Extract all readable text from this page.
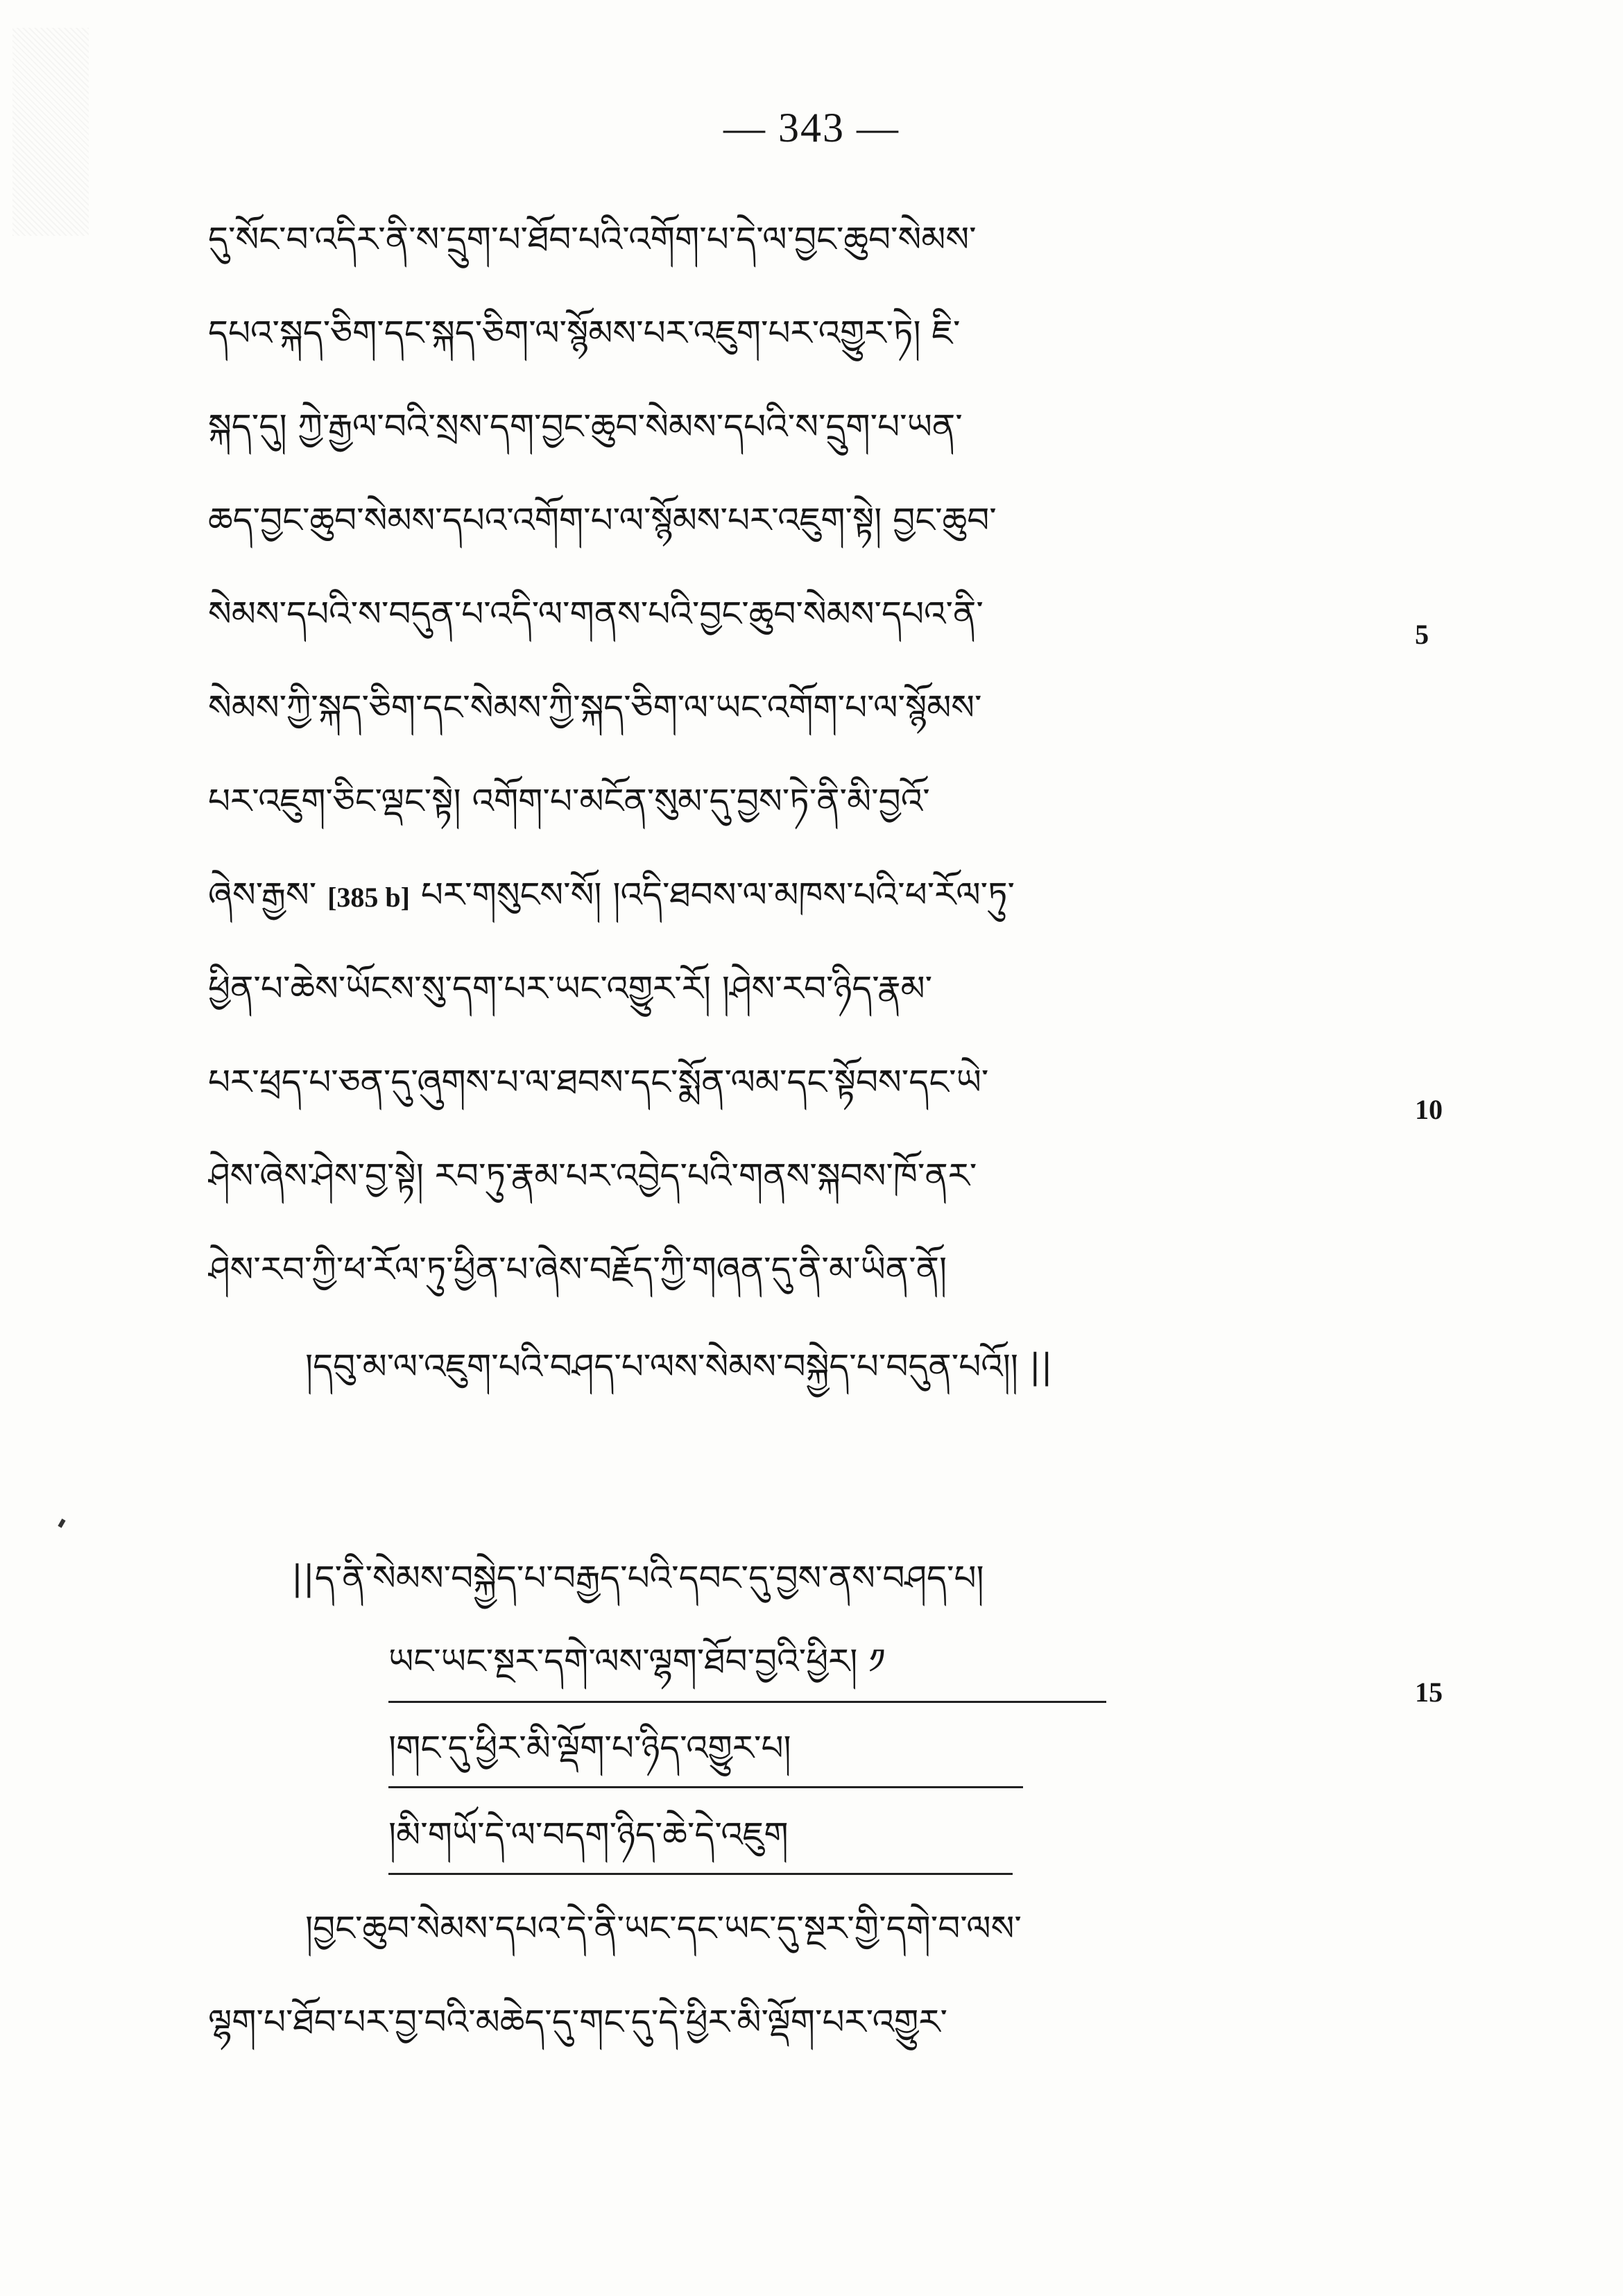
— 343 —
དུ་སོང་བ་འདིར་ནི་ས་དྲུག་པ་ཐོབ་པའི་འགོག་པ་དེ་ལ་བྱང་ཆུབ་སེམས་
དཔའ་སྐད་ཅིག་དང་སྐད་ཅིག་ལ་སྙོམས་པར་འཇུག་པར་འགྱུར་ཏེ། ཇི་
སྐད་དུ། ཀྱེ་རྒྱལ་བའི་སྲས་དག་བྱང་ཆུབ་སེམས་དཔའི་ས་དྲུག་པ་ཡན་
ཆད་བྱང་ཆུབ་སེམས་དཔའ་འགོག་པ་ལ་སྙོམས་པར་འཇུག་སྟེ། བྱང་ཆུབ་
སེམས་དཔའི་ས་བདུན་པ་འདི་ལ་གནས་པའི་བྱང་ཆུབ་སེམས་དཔའ་ནི་
5
སེམས་ཀྱི་སྐད་ཅིག་དང་སེམས་ཀྱི་སྐད་ཅིག་ལ་ཡང་འགོག་པ་ལ་སྙོམས་
པར་འཇུག་ཅིང་ལྡང་སྟེ། འགོག་པ་མངོན་སུམ་དུ་བྱས་ཏེ་ནི་མི་བྱའོ་
ཞེས་རྒྱས་ [385 b] པར་གསུངས་སོ། །འདི་ཐབས་ལ་མཁས་པའི་ཕ་རོལ་ཏུ་
ཕྱིན་པ་ཆེས་ཡོངས་སུ་དག་པར་ཡང་འགྱུར་རོ། །ཤེས་རབ་ཉིད་རྣམ་
པར་ཕྲད་པ་ཅན་དུ་ཞུགས་པ་ལ་ཐབས་དང་སྨོན་ལམ་དང་སྟོབས་དང་ཡེ་
10
ཤེས་ཞེས་ཤེས་བྱ་སྟེ། རབ་ཏུ་རྣམ་པར་འབྱེད་པའི་གནས་སྐབས་ཁོ་ནར་
ཤེས་རབ་ཀྱི་ཕ་རོལ་ཏུ་ཕྱིན་པ་ཞེས་བརྗོད་ཀྱི་གཞན་དུ་ནི་མ་ཡིན་ནོ།
།དབུ་མ་ལ་འཇུག་པའི་བཤད་པ་ལས་སེམས་བསྐྱེད་པ་བདུན་པའོ།། ||
||ད་ནི་སེམས་བསྐྱེད་པ་བརྒྱད་པའི་དབང་དུ་བྱས་ནས་བཤད་པ།
ཡང་ཡང་སྔར་དགེ་ལས་ལྷག་ཐོབ་བྱའི་ཕྱིར། ༡
15
།གང་དུ་ཕྱིར་མི་ལྡོག་པ་ཉིད་འགྱུར་པ།
།མི་གཡོ་དེ་ལ་བདག་ཉིད་ཆེ་དེ་འཇུག
།བྱང་ཆུབ་སེམས་དཔའ་དེ་ནི་ཡང་དང་ཡང་དུ་སྔར་གྱི་དགེ་བ་ལས་
ལྷག་པ་ཐོབ་པར་བྱ་བའི་མཆེད་དུ་གང་དུ་དེ་ཕྱིར་མི་ལྡོག་པར་འགྱུར་
